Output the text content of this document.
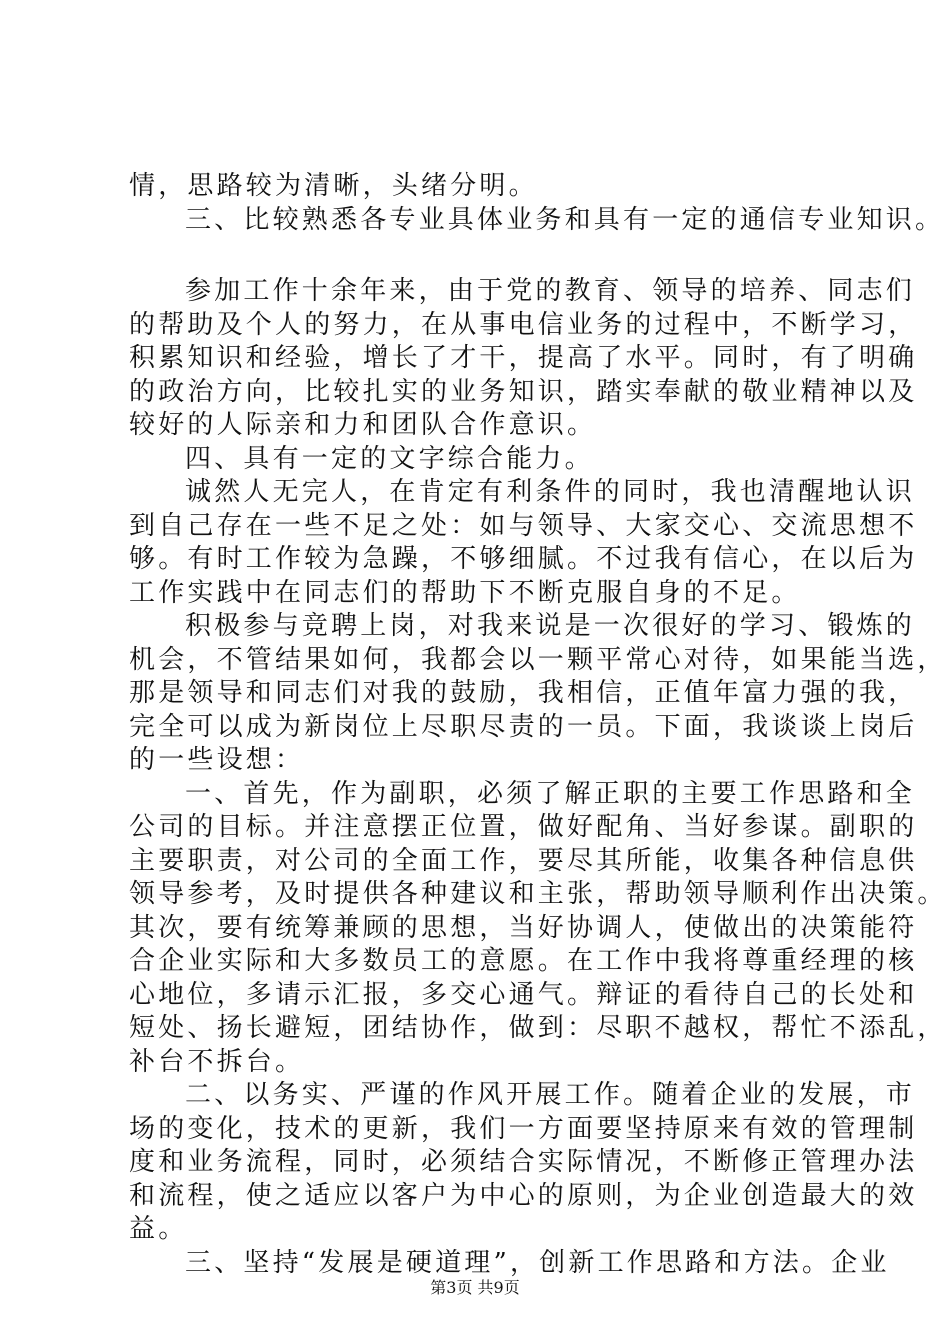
情，思路较为清晰，头绪分明。
三、比较熟悉各专业具体业务和具有一定的通信专业知识。
参加工作十余年来，由于党的教育、领导的培养、同志们
的帮助及个人的努力，在从事电信业务的过程中，不断学习，
积累知识和经验，增长了才干，提高了水平。同时，有了明确
的政治方向，比较扎实的业务知识，踏实奉献的敬业精神以及
较好的人际亲和力和团队合作意识。
四、具有一定的文字综合能力。
诚然人无完人，在肯定有利条件的同时，我也清醒地认识
到自己存在一些不足之处：如与领导、大家交心、交流思想不
够。有时工作较为急躁，不够细腻。不过我有信心，在以后为
工作实践中在同志们的帮助下不断克服自身的不足。
积极参与竞聘上岗，对我来说是一次很好的学习、锻炼的
机会，不管结果如何，我都会以一颗平常心对待，如果能当选，
那是领导和同志们对我的鼓励，我相信，正值年富力强的我，
完全可以成为新岗位上尽职尽责的一员。下面，我谈谈上岗后
的一些设想：
一、首先，作为副职，必须了解正职的主要工作思路和全
公司的目标。并注意摆正位置，做好配角、当好参谋。副职的
主要职责，对公司的全面工作，要尽其所能，收集各种信息供
领导参考，及时提供各种建议和主张，帮助领导顺利作出决策。
其次，要有统筹兼顾的思想，当好协调人，使做出的决策能符
合企业实际和大多数员工的意愿。在工作中我将尊重经理的核
心地位，多请示汇报，多交心通气。辩证的看待自己的长处和
短处、扬长避短，团结协作，做到：尽职不越权，帮忙不添乱，
补台不拆台。
二、以务实、严谨的作风开展工作。随着企业的发展，市
场的变化，技术的更新，我们一方面要坚持原来有效的管理制
度和业务流程，同时，必须结合实际情况，不断修正管理办法
和流程，使之适应以客户为中心的原则，为企业创造最大的效
益。
三、坚持“发展是硬道理”，创新工作思路和方法。企业
第3页 共9页
